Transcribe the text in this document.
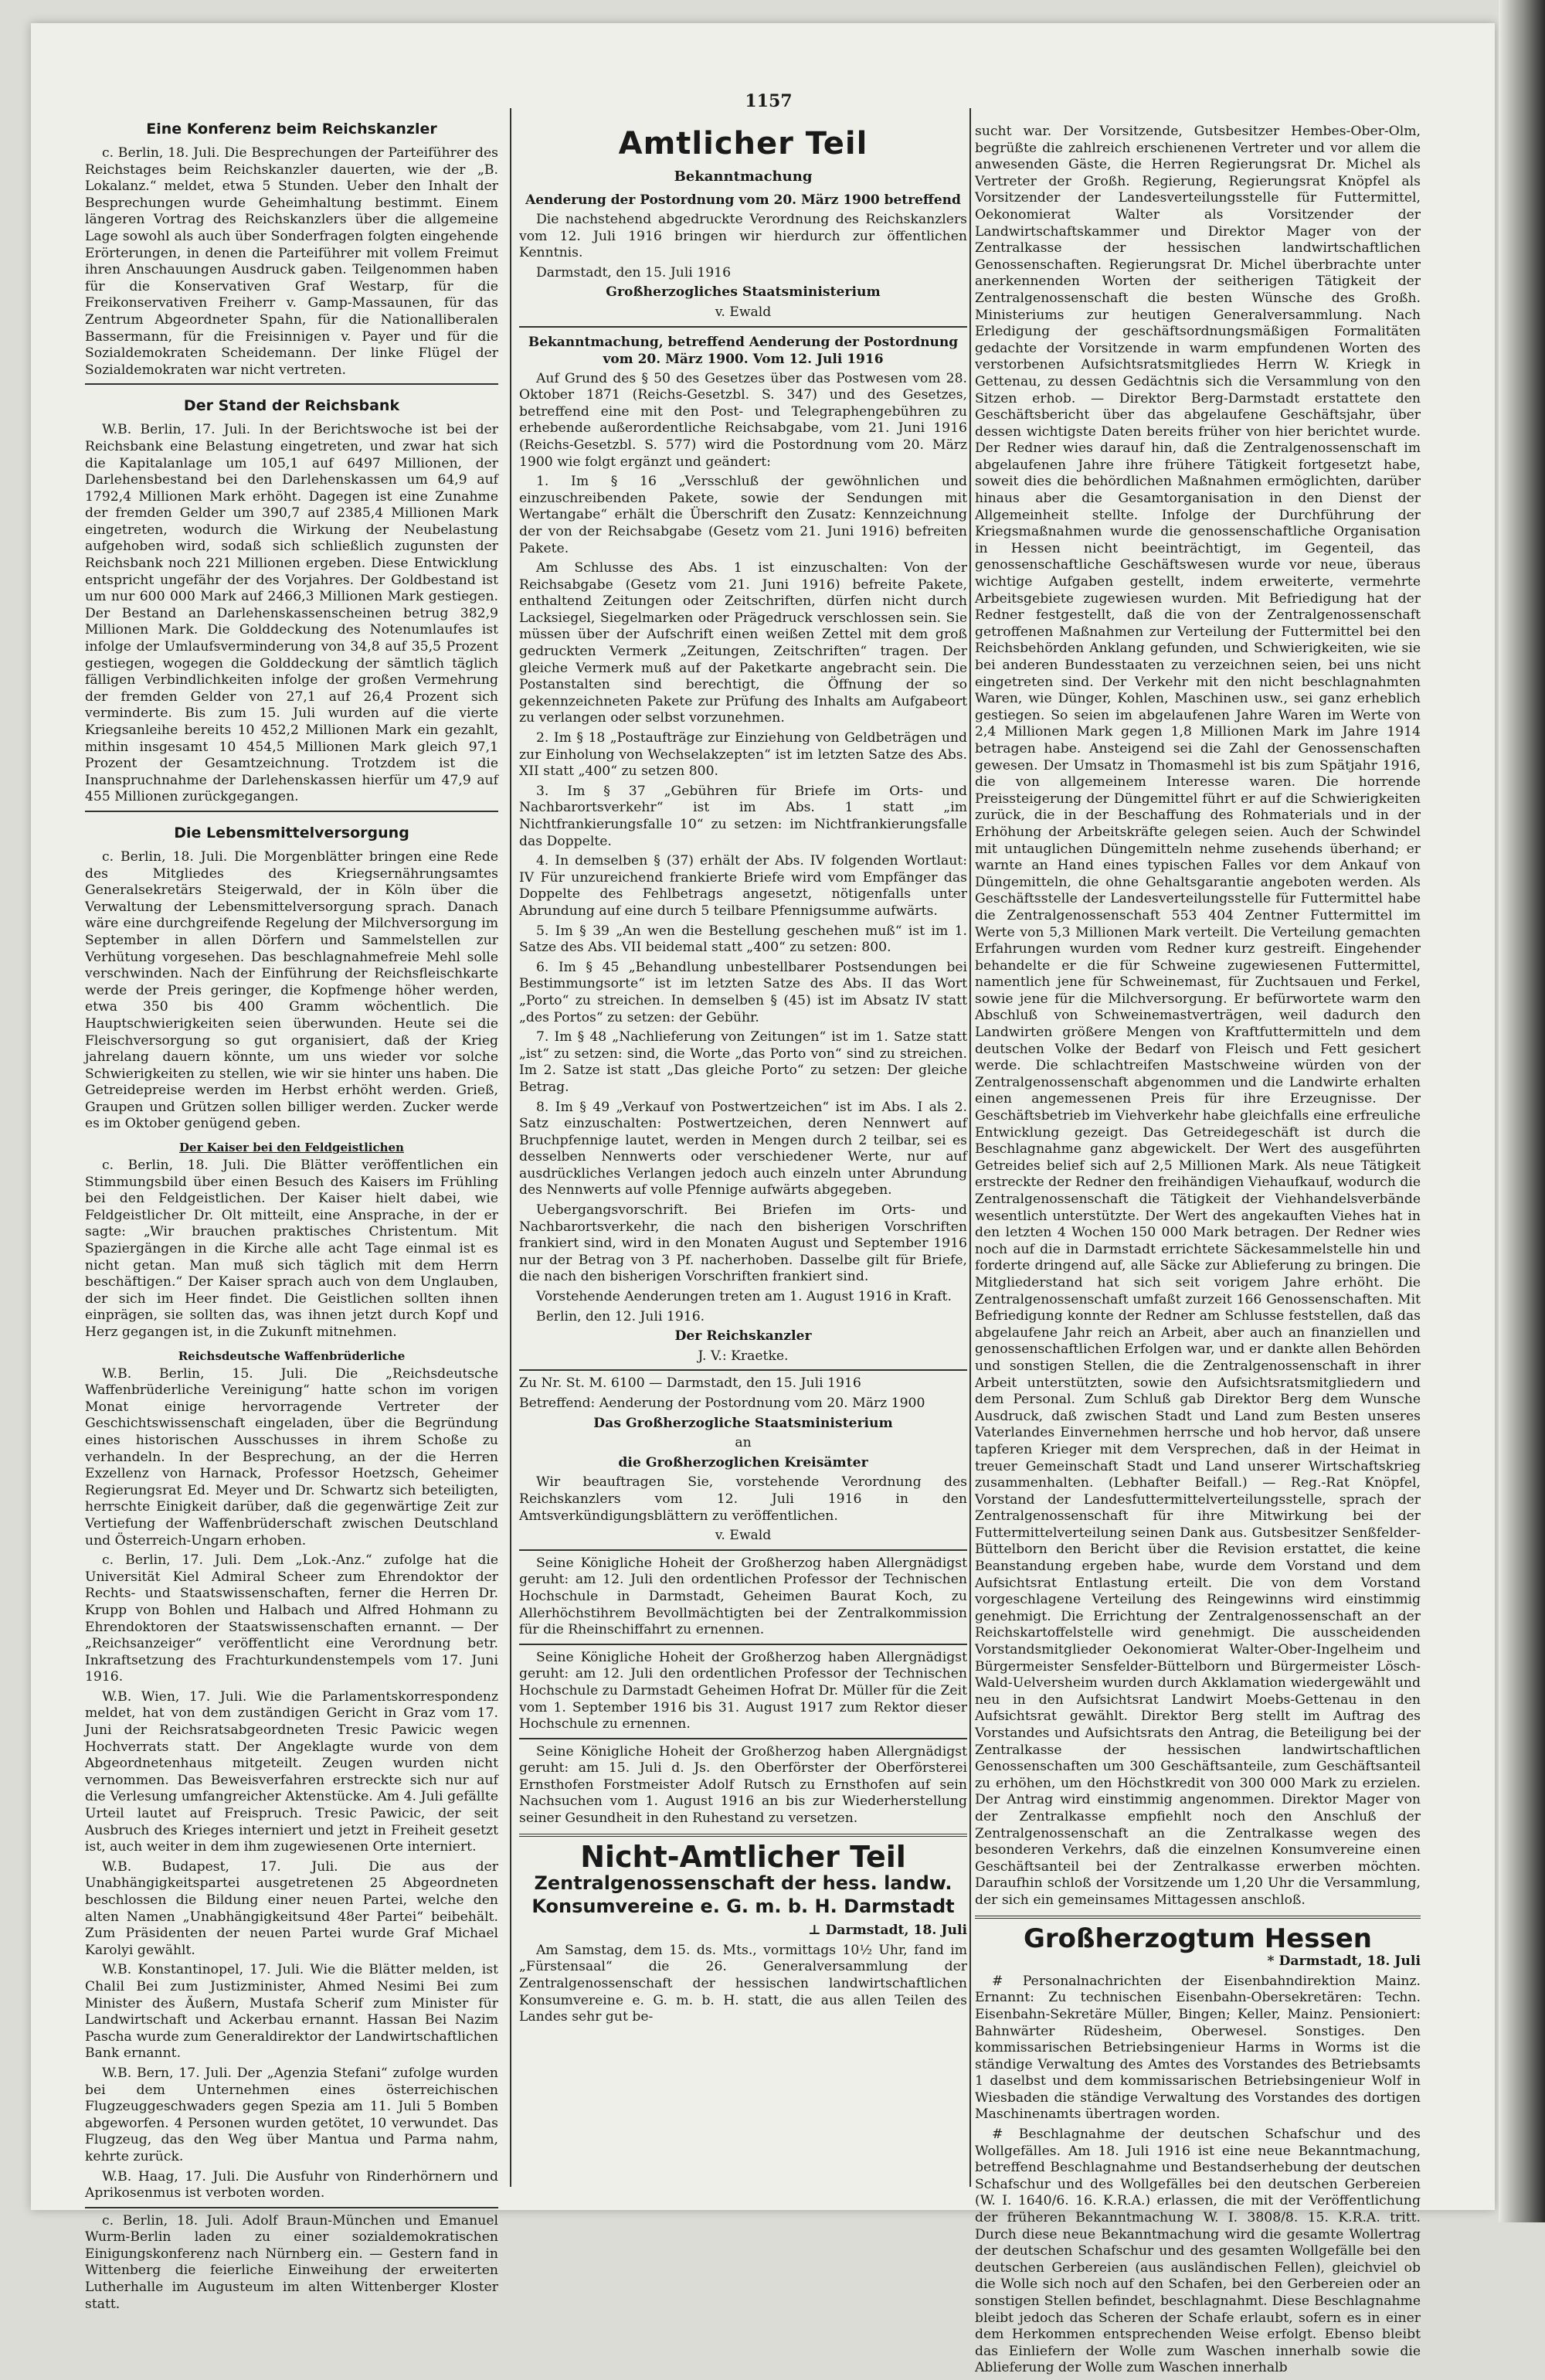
1157
Eine Konferenz beim Reichskanzler

c. Berlin, 18. Juli. Die Besprechungen der Parteiführer des Reichstages beim Reichskanzler dauerten, wie der „B. Lokalanz.“ meldet, etwa 5 Stunden. Ueber den Inhalt der Besprechungen wurde Geheimhaltung bestimmt. Einem längeren Vortrag des Reichskanzlers über die allgemeine Lage sowohl als auch über Sonderfragen folgten eingehende Erörterungen, in denen die Parteiführer mit vollem Freimut ihren Anschauungen Ausdruck gaben. Teilgenommen haben für die Konservativen Graf Westarp, für die Freikonservativen Freiherr v. Gamp-Massaunen, für das Zentrum Abgeordneter Spahn, für die Nationalliberalen Bassermann, für die Freisinnigen v. Payer und für die Sozialdemokraten Scheidemann. Der linke Flügel der Sozialdemokraten war nicht vertreten.

Der Stand der Reichsbank

W.B. Berlin, 17. Juli. In der Berichtswoche ist bei der Reichsbank eine Belastung eingetreten, und zwar hat sich die Kapitalanlage um 105,1 auf 6497 Millionen, der Darlehensbestand bei den Darlehenskassen um 64,9 auf 1792,4 Millionen Mark erhöht. Dagegen ist eine Zunahme der fremden Gelder um 390,7 auf 2385,4 Millionen Mark eingetreten, wodurch die Wirkung der Neubelastung aufgehoben wird, sodaß sich schließlich zugunsten der Reichsbank noch 221 Millionen ergeben. Diese Entwicklung entspricht ungefähr der des Vorjahres. Der Goldbestand ist um nur 600 000 Mark auf 2466,3 Millionen Mark gestiegen. Der Bestand an Darlehenskassenscheinen betrug 382,9 Millionen Mark. Die Golddeckung des Notenumlaufes ist infolge der Umlaufsverminderung von 34,8 auf 35,5 Prozent gestiegen, wogegen die Golddeckung der sämtlich täglich fälligen Verbindlichkeiten infolge der großen Vermehrung der fremden Gelder von 27,1 auf 26,4 Prozent sich verminderte. Bis zum 15. Juli wurden auf die vierte Kriegsanleihe bereits 10 452,2 Millionen Mark ein gezahlt, mithin insgesamt 10 454,5 Millionen Mark gleich 97,1 Prozent der Gesamtzeichnung. Trotzdem ist die Inanspruchnahme der Darlehenskassen hierfür um 47,9 auf 455 Millionen zurückgegangen.

Die Lebensmittelversorgung

c. Berlin, 18. Juli. Die Morgenblätter bringen eine Rede des Mitgliedes des Kriegsernährungsamtes Generalsekretärs Steigerwald, der in Köln über die Verwaltung der Lebensmittelversorgung sprach. Danach wäre eine durchgreifende Regelung der Milchversorgung im September in allen Dörfern und Sammelstellen zur Verhütung vorgesehen. Das beschlagnahmefreie Mehl solle verschwinden. Nach der Einführung der Reichsfleischkarte werde der Preis geringer, die Kopfmenge höher werden, etwa 350 bis 400 Gramm wöchentlich. Die Hauptschwierigkeiten seien überwunden. Heute sei die Fleischversorgung so gut organisiert, daß der Krieg jahrelang dauern könnte, um uns wieder vor solche Schwierigkeiten zu stellen, wie wir sie hinter uns haben. Die Getreidepreise werden im Herbst erhöht werden. Grieß, Graupen und Grützen sollen billiger werden. Zucker werde es im Oktober genügend geben.

Der Kaiser bei den Feldgeistlichen

c. Berlin, 18. Juli. Die Blätter veröffentlichen ein Stimmungsbild über einen Besuch des Kaisers im Frühling bei den Feldgeistlichen. Der Kaiser hielt dabei, wie Feldgeistlicher Dr. Olt mitteilt, eine Ansprache, in der er sagte: „Wir brauchen praktisches Christentum. Mit Spaziergängen in die Kirche alle acht Tage einmal ist es nicht getan. Man muß sich täglich mit dem Herrn beschäftigen.“ Der Kaiser sprach auch von dem Unglauben, der sich im Heer findet. Die Geistlichen sollten ihnen einprägen, sie sollten das, was ihnen jetzt durch Kopf und Herz gegangen ist, in die Zukunft mitnehmen.

Reichsdeutsche Waffenbrüderliche

W.B. Berlin, 15. Juli. Die „Reichsdeutsche Waffenbrüderliche Vereinigung“ hatte schon im vorigen Monat einige hervorragende Vertreter der Geschichtswissenschaft eingeladen, über die Begründung eines historischen Ausschusses in ihrem Schoße zu verhandeln. In der Besprechung, an der die Herren Exzellenz von Harnack, Professor Hoetzsch, Geheimer Regierungsrat Ed. Meyer und Dr. Schwartz sich beteiligten, herrschte Einigkeit darüber, daß die gegenwärtige Zeit zur Vertiefung der Waffenbrüderschaft zwischen Deutschland und Österreich-Ungarn erhoben.

c. Berlin, 17. Juli. Dem „Lok.-Anz.“ zufolge hat die Universität Kiel Admiral Scheer zum Ehrendoktor der Rechts- und Staatswissenschaften, ferner die Herren Dr. Krupp von Bohlen und Halbach und Alfred Hohmann zu Ehrendoktoren der Staatswissenschaften ernannt. — Der „Reichsanzeiger“ veröffentlicht eine Verordnung betr. Inkraftsetzung des Frachturkundenstempels vom 17. Juni 1916.

W.B. Wien, 17. Juli. Wie die Parlamentskorrespondenz meldet, hat von dem zuständigen Gericht in Graz vom 17. Juni der Reichsratsabgeordneten Tresic Pawicic wegen Hochverrats statt. Der Angeklagte wurde von dem Abgeordnetenhaus mitgeteilt. Zeugen wurden nicht vernommen. Das Beweisverfahren erstreckte sich nur auf die Verlesung umfangreicher Aktenstücke. Am 4. Juli gefällte Urteil lautet auf Freispruch. Tresic Pawicic, der seit Ausbruch des Krieges interniert und jetzt in Freiheit gesetzt ist, auch weiter in dem ihm zugewiesenen Orte interniert.

W.B. Budapest, 17. Juli. Die aus der Unabhängigkeitspartei ausgetretenen 25 Abgeordneten beschlossen die Bildung einer neuen Partei, welche den alten Namen „Unabhängigkeitsund 48er Partei“ beibehält. Zum Präsidenten der neuen Partei wurde Graf Michael Karolyi gewählt.

W.B. Konstantinopel, 17. Juli. Wie die Blätter melden, ist Chalil Bei zum Justizminister, Ahmed Nesimi Bei zum Minister des Äußern, Mustafa Scherif zum Minister für Landwirtschaft und Ackerbau ernannt. Hassan Bei Nazim Pascha wurde zum Generaldirektor der Landwirtschaftlichen Bank ernannt.

W.B. Bern, 17. Juli. Der „Agenzia Stefani“ zufolge wurden bei dem Unternehmen eines österreichischen Flugzeuggeschwaders gegen Spezia am 11. Juli 5 Bomben abgeworfen. 4 Personen wurden getötet, 10 verwundet. Das Flugzeug, das den Weg über Mantua und Parma nahm, kehrte zurück.

W.B. Haag, 17. Juli. Die Ausfuhr von Rinderhörnern und Aprikosenmus ist verboten worden.

c. Berlin, 18. Juli. Adolf Braun-München und Emanuel Wurm-Berlin laden zu einer sozialdemokratischen Einigungskonferenz nach Nürnberg ein. — Gestern fand in Wittenberg die feierliche Einweihung der erweiterten Lutherhalle im Augusteum im alten Wittenberger Kloster statt.

Amtlicher Teil
Bekanntmachung
Aenderung der Postordnung vom 20. März 1900 betreffend

Die nachstehend abgedruckte Verordnung des Reichskanzlers vom 12. Juli 1916 bringen wir hierdurch zur öffentlichen Kenntnis.

Darmstadt, den 15. Juli 1916

Großherzogliches Staatsministerium

v. Ewald

Bekanntmachung, betreffend Aenderung der Postordnung vom 20. März 1900. Vom 12. Juli 1916

Auf Grund des § 50 des Gesetzes über das Postwesen vom 28. Oktober 1871 (Reichs-Gesetzbl. S. 347) und des Gesetzes, betreffend eine mit den Post- und Telegraphengebühren zu erhebende außerordentliche Reichsabgabe, vom 21. Juni 1916 (Reichs-Gesetzbl. S. 577) wird die Postordnung vom 20. März 1900 wie folgt ergänzt und geändert:

1. Im § 16 „Versschluß der gewöhnlichen und einzuschreibenden Pakete, sowie der Sendungen mit Wertangabe“ erhält die Überschrift den Zusatz: Kennzeichnung der von der Reichsabgabe (Gesetz vom 21. Juni 1916) befreiten Pakete.

Am Schlusse des Abs. 1 ist einzuschalten: Von der Reichsabgabe (Gesetz vom 21. Juni 1916) befreite Pakete, enthaltend Zeitungen oder Zeitschriften, dürfen nicht durch Lacksiegel, Siegelmarken oder Prägedruck verschlossen sein. Sie müssen über der Aufschrift einen weißen Zettel mit dem groß gedruckten Vermerk „Zeitungen, Zeitschriften“ tragen. Der gleiche Vermerk muß auf der Paketkarte angebracht sein. Die Postanstalten sind berechtigt, die Öffnung der so gekennzeichneten Pakete zur Prüfung des Inhalts am Aufgabeort zu verlangen oder selbst vorzunehmen.

2. Im § 18 „Postaufträge zur Einziehung von Geldbeträgen und zur Einholung von Wechselakzepten“ ist im letzten Satze des Abs. XII statt „400“ zu setzen 800.

3. Im § 37 „Gebühren für Briefe im Orts- und Nachbarortsverkehr“ ist im Abs. 1 statt „im Nichtfrankierungsfalle 10“ zu setzen: im Nichtfrankierungsfalle das Doppelte.

4. In demselben § (37) erhält der Abs. IV folgenden Wortlaut: IV Für unzureichend frankierte Briefe wird vom Empfänger das Doppelte des Fehlbetrags angesetzt, nötigenfalls unter Abrundung auf eine durch 5 teilbare Pfennigsumme aufwärts.

5. Im § 39 „An wen die Bestellung geschehen muß“ ist im 1. Satze des Abs. VII beidemal statt „400“ zu setzen: 800.

6. Im § 45 „Behandlung unbestellbarer Postsendungen bei Bestimmungsorte“ ist im letzten Satze des Abs. II das Wort „Porto“ zu streichen. In demselben § (45) ist im Absatz IV statt „des Portos“ zu setzen: der Gebühr.

7. Im § 48 „Nachlieferung von Zeitungen“ ist im 1. Satze statt „ist“ zu setzen: sind, die Worte „das Porto von“ sind zu streichen. Im 2. Satze ist statt „Das gleiche Porto“ zu setzen: Der gleiche Betrag.

8. Im § 49 „Verkauf von Postwertzeichen“ ist im Abs. I als 2. Satz einzuschalten: Postwertzeichen, deren Nennwert auf Bruchpfennige lautet, werden in Mengen durch 2 teilbar, sei es desselben Nennwerts oder verschiedener Werte, nur auf ausdrückliches Verlangen jedoch auch einzeln unter Abrundung des Nennwerts auf volle Pfennige aufwärts abgegeben.

Uebergangsvorschrift. Bei Briefen im Orts- und Nachbarortsverkehr, die nach den bisherigen Vorschriften frankiert sind, wird in den Monaten August und September 1916 nur der Betrag von 3 Pf. nacherhoben. Dasselbe gilt für Briefe, die nach den bisherigen Vorschriften frankiert sind.

Vorstehende Aenderungen treten am 1. August 1916 in Kraft.

Berlin, den 12. Juli 1916.

Der Reichskanzler

J. V.: Kraetke.

Zu Nr. St. M. 6100 — Darmstadt, den 15. Juli 1916

Betreffend: Aenderung der Postordnung vom 20. März 1900

Das Großherzogliche Staatsministerium

an

die Großherzoglichen Kreisämter

Wir beauftragen Sie, vorstehende Verordnung des Reichskanzlers vom 12. Juli 1916 in den Amtsverkündigungsblättern zu veröffentlichen.

v. Ewald

Seine Königliche Hoheit der Großherzog haben Allergnädigst geruht: am 12. Juli den ordentlichen Professor der Technischen Hochschule in Darmstadt, Geheimen Baurat Koch, zu Allerhöchstihrem Bevollmächtigten bei der Zentralkommission für die Rheinschiffahrt zu ernennen.

Seine Königliche Hoheit der Großherzog haben Allergnädigst geruht: am 12. Juli den ordentlichen Professor der Technischen Hochschule zu Darmstadt Geheimen Hofrat Dr. Müller für die Zeit vom 1. September 1916 bis 31. August 1917 zum Rektor dieser Hochschule zu ernennen.

Seine Königliche Hoheit der Großherzog haben Allergnädigst geruht: am 15. Juli d. Js. den Oberförster der Oberförsterei Ernsthofen Forstmeister Adolf Rutsch zu Ernsthofen auf sein Nachsuchen vom 1. August 1916 an bis zur Wiederherstellung seiner Gesundheit in den Ruhestand zu versetzen.

Nicht-Amtlicher Teil
Zentralgenossenschaft der hess. landw. Konsumvereine e. G. m. b. H. Darmstadt

⊥ Darmstadt, 18. Juli

Am Samstag, dem 15. ds. Mts., vormittags 10½ Uhr, fand im „Fürstensaal“ die 26. Generalversammlung der Zentralgenossenschaft der hessischen landwirtschaftlichen Konsumvereine e. G. m. b. H. statt, die aus allen Teilen des Landes sehr gut be-

sucht war. Der Vorsitzende, Gutsbesitzer Hembes-Ober-Olm, begrüßte die zahlreich erschienenen Vertreter und vor allem die anwesenden Gäste, die Herren Regierungsrat Dr. Michel als Vertreter der Großh. Regierung, Regierungsrat Knöpfel als Vorsitzender der Landesverteilungsstelle für Futtermittel, Oekonomierat Walter als Vorsitzender der Landwirtschaftskammer und Direktor Mager von der Zentralkasse der hessischen landwirtschaftlichen Genossenschaften. Regierungsrat Dr. Michel überbrachte unter anerkennenden Worten der seitherigen Tätigkeit der Zentralgenossenschaft die besten Wünsche des Großh. Ministeriums zur heutigen Generalversammlung. Nach Erledigung der geschäftsordnungsmäßigen Formalitäten gedachte der Vorsitzende in warm empfundenen Worten des verstorbenen Aufsichtsratsmitgliedes Herrn W. Kriegk in Gettenau, zu dessen Gedächtnis sich die Versammlung von den Sitzen erhob. — Direktor Berg-Darmstadt erstattete den Geschäftsbericht über das abgelaufene Geschäftsjahr, über dessen wichtigste Daten bereits früher von hier berichtet wurde. Der Redner wies darauf hin, daß die Zentralgenossenschaft im abgelaufenen Jahre ihre frühere Tätigkeit fortgesetzt habe, soweit dies die behördlichen Maßnahmen ermöglichten, darüber hinaus aber die Gesamtorganisation in den Dienst der Allgemeinheit stellte. Infolge der Durchführung der Kriegsmaßnahmen wurde die genossenschaftliche Organisation in Hessen nicht beeinträchtigt, im Gegenteil, das genossenschaftliche Geschäftswesen wurde vor neue, überaus wichtige Aufgaben gestellt, indem erweiterte, vermehrte Arbeitsgebiete zugewiesen wurden. Mit Befriedigung hat der Redner festgestellt, daß die von der Zentralgenossenschaft getroffenen Maßnahmen zur Verteilung der Futtermittel bei den Reichsbehörden Anklang gefunden, und Schwierigkeiten, wie sie bei anderen Bundesstaaten zu verzeichnen seien, bei uns nicht eingetreten sind. Der Verkehr mit den nicht beschlagnahmten Waren, wie Dünger, Kohlen, Maschinen usw., sei ganz erheblich gestiegen. So seien im abgelaufenen Jahre Waren im Werte von 2,4 Millionen Mark gegen 1,8 Millionen Mark im Jahre 1914 betragen habe. Ansteigend sei die Zahl der Genossenschaften gewesen. Der Umsatz in Thomasmehl ist bis zum Spätjahr 1916, die von allgemeinem Interesse waren. Die horrende Preissteigerung der Düngemittel führt er auf die Schwierigkeiten zurück, die in der Beschaffung des Rohmaterials und in der Erhöhung der Arbeitskräfte gelegen seien. Auch der Schwindel mit untauglichen Düngemitteln nehme zusehends überhand; er warnte an Hand eines typischen Falles vor dem Ankauf von Düngemitteln, die ohne Gehaltsgarantie angeboten werden. Als Geschäftsstelle der Landesverteilungsstelle für Futtermittel habe die Zentralgenossenschaft 553 404 Zentner Futtermittel im Werte von 5,3 Millionen Mark verteilt. Die Verteilung gemachten Erfahrungen wurden vom Redner kurz gestreift. Eingehender behandelte er die für Schweine zugewiesenen Futtermittel, namentlich jene für Schweinemast, für Zuchtsauen und Ferkel, sowie jene für die Milchversorgung. Er befürwortete warm den Abschluß von Schweinemastverträgen, weil dadurch den Landwirten größere Mengen von Kraftfuttermitteln und dem deutschen Volke der Bedarf von Fleisch und Fett gesichert werde. Die schlachtreifen Mastschweine würden von der Zentralgenossenschaft abgenommen und die Landwirte erhalten einen angemessenen Preis für ihre Erzeugnisse. Der Geschäftsbetrieb im Viehverkehr habe gleichfalls eine erfreuliche Entwicklung gezeigt. Das Getreidegeschäft ist durch die Beschlagnahme ganz abgewickelt. Der Wert des ausgeführten Getreides belief sich auf 2,5 Millionen Mark. Als neue Tätigkeit erstreckte der Redner den freihändigen Viehaufkauf, wodurch die Zentralgenossenschaft die Tätigkeit der Viehhandelsverbände wesentlich unterstützte. Der Wert des angekauften Viehes hat in den letzten 4 Wochen 150 000 Mark betragen. Der Redner wies noch auf die in Darmstadt errichtete Säckesammelstelle hin und forderte dringend auf, alle Säcke zur Ablieferung zu bringen. Die Mitgliederstand hat sich seit vorigem Jahre erhöht. Die Zentralgenossenschaft umfaßt zurzeit 166 Genossenschaften. Mit Befriedigung konnte der Redner am Schlusse feststellen, daß das abgelaufene Jahr reich an Arbeit, aber auch an finanziellen und genossenschaftlichen Erfolgen war, und er dankte allen Behörden und sonstigen Stellen, die die Zentralgenossenschaft in ihrer Arbeit unterstützten, sowie den Aufsichtsratsmitgliedern und dem Personal. Zum Schluß gab Direktor Berg dem Wunsche Ausdruck, daß zwischen Stadt und Land zum Besten unseres Vaterlandes Einvernehmen herrsche und hob hervor, daß unsere tapferen Krieger mit dem Versprechen, daß in der Heimat in treuer Gemeinschaft Stadt und Land unserer Wirtschaftskrieg zusammenhalten. (Lebhafter Beifall.) — Reg.-Rat Knöpfel, Vorstand der Landesfuttermittelverteilungsstelle, sprach der Zentralgenossenschaft für ihre Mitwirkung bei der Futtermittelverteilung seinen Dank aus. Gutsbesitzer Senßfelder-Büttelborn den Bericht über die Revision erstattet, die keine Beanstandung ergeben habe, wurde dem Vorstand und dem Aufsichtsrat Entlastung erteilt. Die von dem Vorstand vorgeschlagene Verteilung des Reingewinns wird einstimmig genehmigt. Die Errichtung der Zentralgenossenschaft an der Reichskartoffelstelle wird genehmigt. Die ausscheidenden Vorstandsmitglieder Oekonomierat Walter-Ober-Ingelheim und Bürgermeister Sensfelder-Büttelborn und Bürgermeister Lösch-Wald-Uelversheim wurden durch Akklamation wiedergewählt und neu in den Aufsichtsrat Landwirt Moebs-Gettenau in den Aufsichtsrat gewählt. Direktor Berg stellt im Auftrag des Vorstandes und Aufsichtsrats den Antrag, die Beteiligung bei der Zentralkasse der hessischen landwirtschaftlichen Genossenschaften um 300 Geschäftsanteile, zum Geschäftsanteil zu erhöhen, um den Höchstkredit von 300 000 Mark zu erzielen. Der Antrag wird einstimmig angenommen. Direktor Mager von der Zentralkasse empfiehlt noch den Anschluß der Zentralgenossenschaft an die Zentralkasse wegen des besonderen Verkehrs, daß die einzelnen Konsumvereine einen Geschäftsanteil bei der Zentralkasse erwerben möchten. Daraufhin schloß der Vorsitzende um 1,20 Uhr die Versammlung, der sich ein gemeinsames Mittagessen anschloß.

Großherzogtum Hessen

* Darmstadt, 18. Juli

# Personalnachrichten der Eisenbahndirektion Mainz. Ernannt: Zu technischen Eisenbahn-Obersekretären: Techn. Eisenbahn-Sekretäre Müller, Bingen; Keller, Mainz. Pensioniert: Bahnwärter Rüdesheim, Oberwesel. Sonstiges. Den kommissarischen Betriebsingenieur Harms in Worms ist die ständige Verwaltung des Amtes des Vorstandes des Betriebsamts 1 daselbst und dem kommissarischen Betriebsingenieur Wolf in Wiesbaden die ständige Verwaltung des Vorstandes des dortigen Maschinenamts übertragen worden.

# Beschlagnahme der deutschen Schafschur und des Wollgefälles. Am 18. Juli 1916 ist eine neue Bekanntmachung, betreffend Beschlagnahme und Bestandserhebung der deutschen Schafschur und des Wollgefälles bei den deutschen Gerbereien (W. I. 1640/6. 16. K.R.A.) erlassen, die mit der Veröffentlichung der früheren Bekanntmachung W. I. 3808/8. 15. K.R.A. tritt. Durch diese neue Bekanntmachung wird die gesamte Wollertrag der deutschen Schafschur und des gesamten Wollgefälle bei den deutschen Gerbereien (aus ausländischen Fellen), gleichviel ob die Wolle sich noch auf den Schafen, bei den Gerbereien oder an sonstigen Stellen befindet, beschlagnahmt. Diese Beschlagnahme bleibt jedoch das Scheren der Schafe erlaubt, sofern es in einer dem Herkommen entsprechenden Weise erfolgt. Ebenso bleibt das Einliefern der Wolle zum Waschen innerhalb sowie die Ablieferung der Wolle zum Waschen innerhalb
